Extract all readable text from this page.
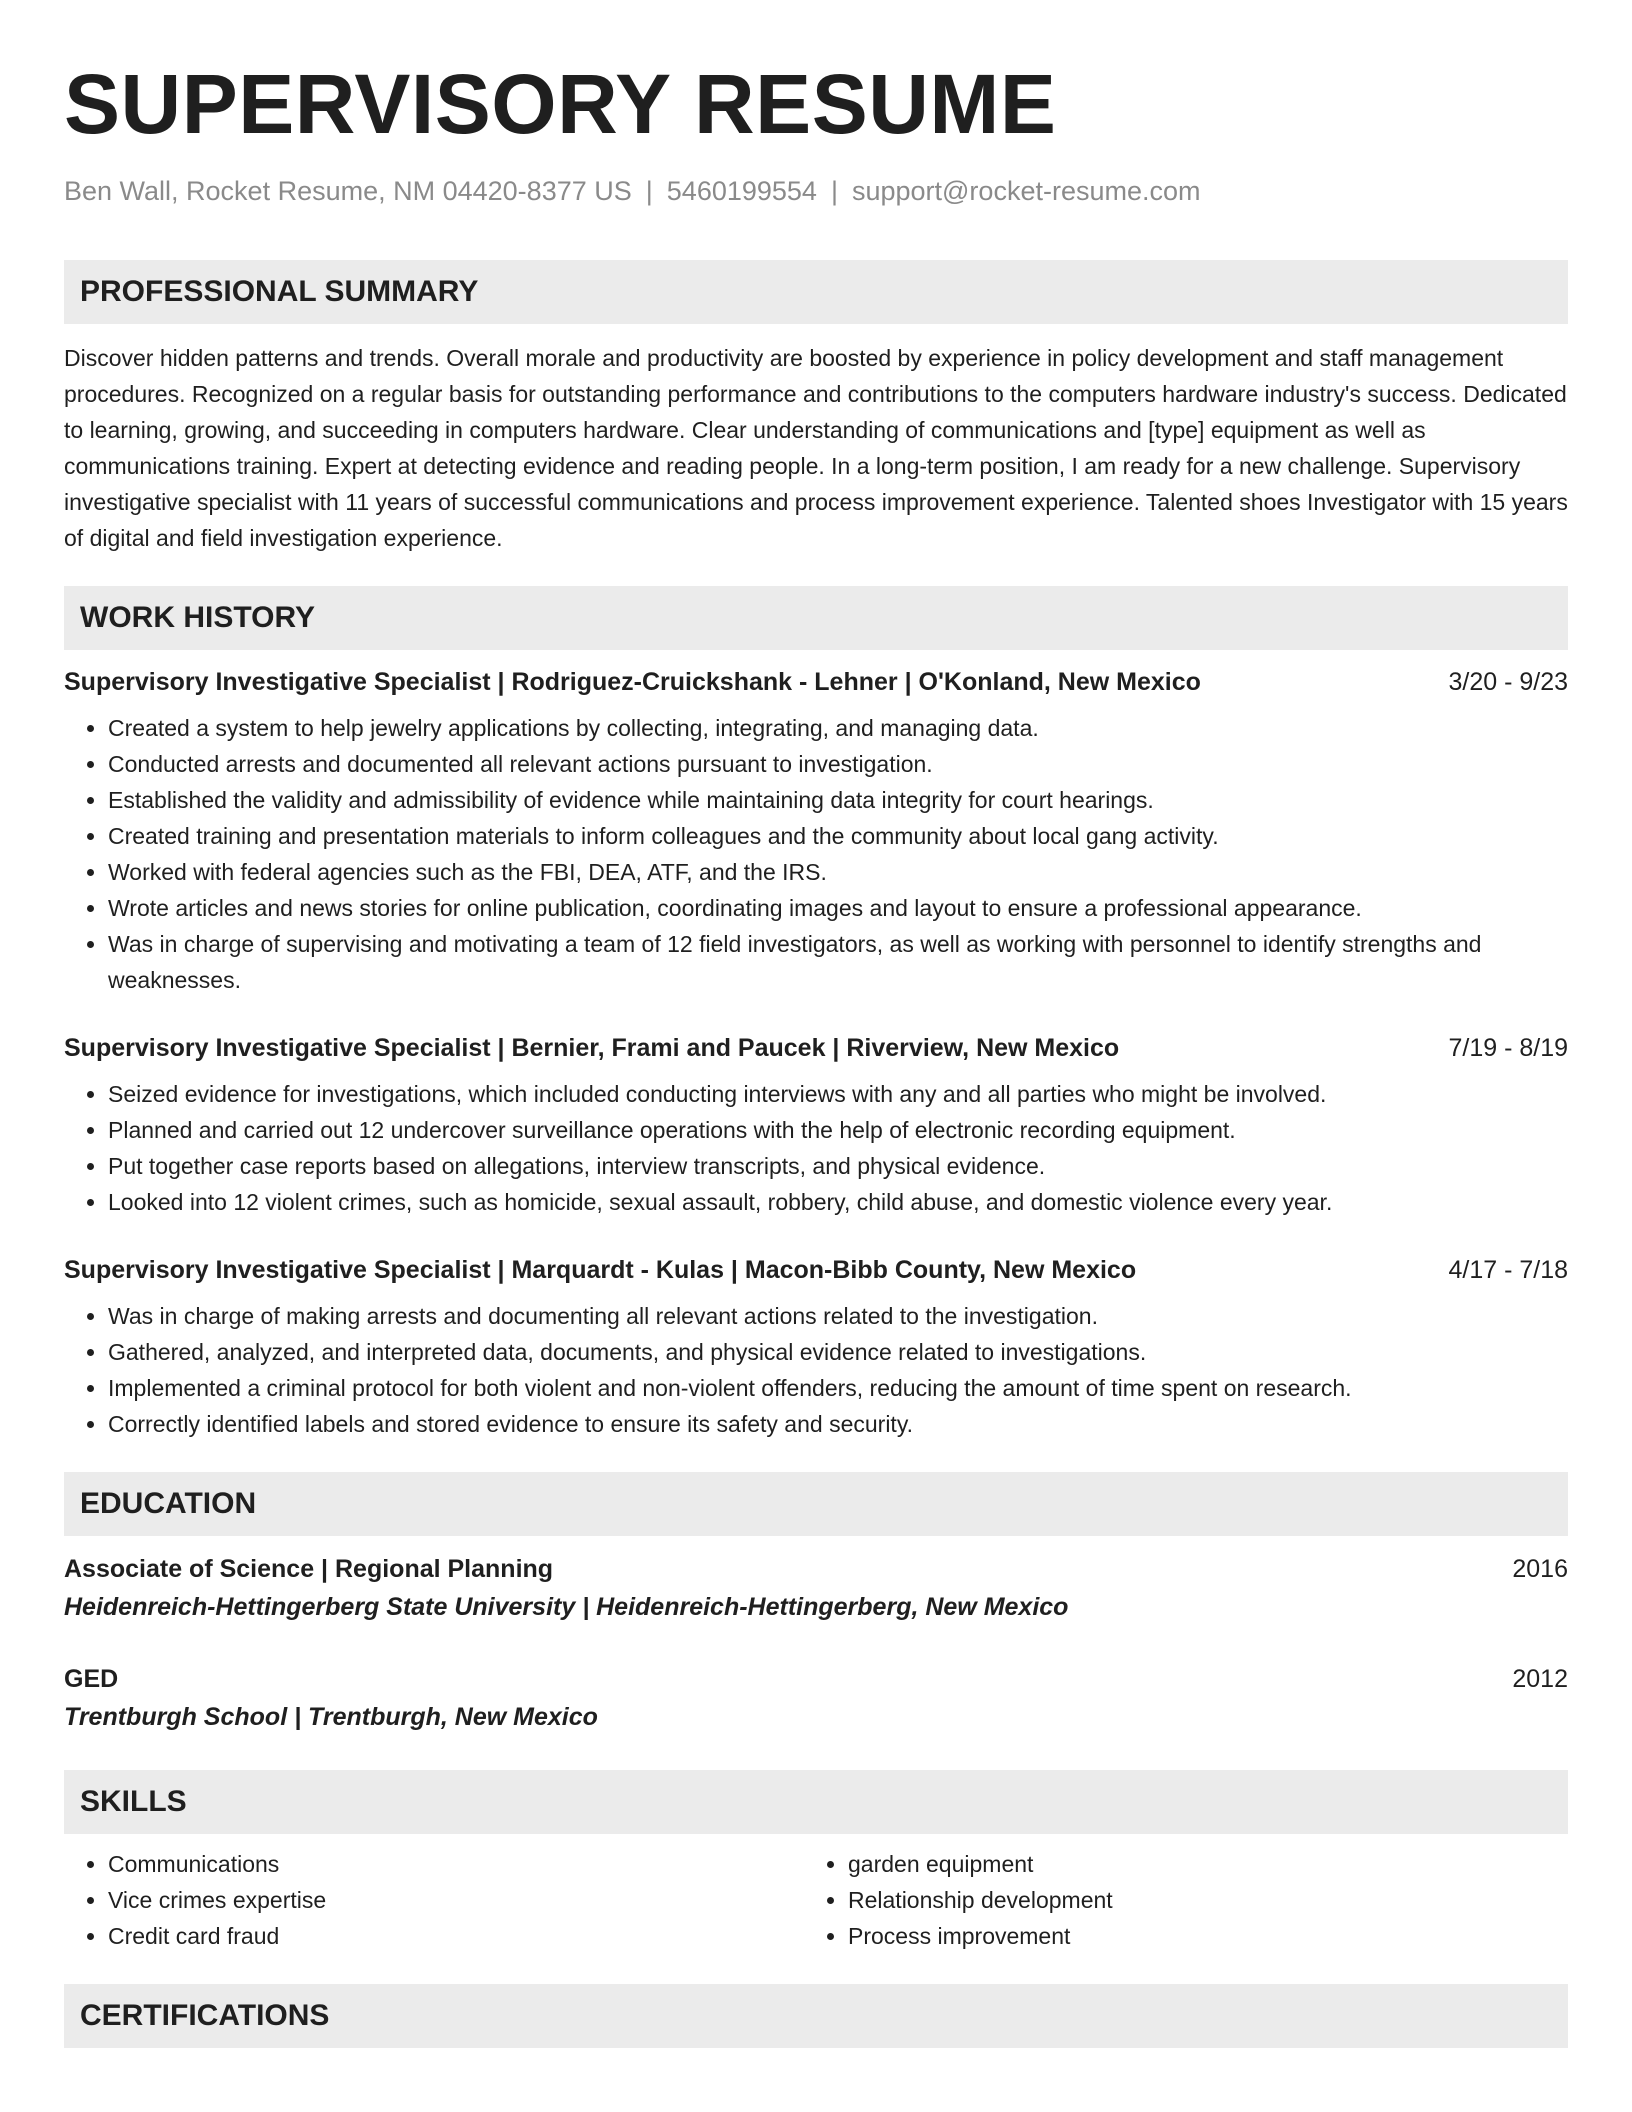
SUPERVISORY RESUME
Ben Wall, Rocket Resume, NM 04420-8377 US | 5460199554 | support@rocket-resume.com
PROFESSIONAL SUMMARY

Discover hidden patterns and trends. Overall morale and productivity are boosted by experience in policy development and staff management procedures. Recognized on a regular basis for outstanding performance and contributions to the computers hardware industry's success. Dedicated to learning, growing, and succeeding in computers hardware. Clear understanding of communications and [type] equipment as well as communications training. Expert at detecting evidence and reading people. In a long-term position, I am ready for a new challenge. Supervisory investigative specialist with 11 years of successful communications and process improvement experience. Talented shoes Investigator with 15 years of digital and field investigation experience.

WORK HISTORY
Supervisory Investigative Specialist | Rodriguez-Cruickshank - Lehner | O'Konland, New Mexico	3/20 - 9/23
• Created a system to help jewelry applications by collecting, integrating, and managing data.
• Conducted arrests and documented all relevant actions pursuant to investigation.
• Established the validity and admissibility of evidence while maintaining data integrity for court hearings.
• Created training and presentation materials to inform colleagues and the community about local gang activity.
• Worked with federal agencies such as the FBI, DEA, ATF, and the IRS.
• Wrote articles and news stories for online publication, coordinating images and layout to ensure a professional appearance.
• Was in charge of supervising and motivating a team of 12 field investigators, as well as working with personnel to identify strengths and weaknesses.
Supervisory Investigative Specialist | Bernier, Frami and Paucek | Riverview, New Mexico	7/19 - 8/19
• Seized evidence for investigations, which included conducting interviews with any and all parties who might be involved.
• Planned and carried out 12 undercover surveillance operations with the help of electronic recording equipment.
• Put together case reports based on allegations, interview transcripts, and physical evidence.
• Looked into 12 violent crimes, such as homicide, sexual assault, robbery, child abuse, and domestic violence every year.
Supervisory Investigative Specialist | Marquardt - Kulas | Macon-Bibb County, New Mexico	4/17 - 7/18
• Was in charge of making arrests and documenting all relevant actions related to the investigation.
• Gathered, analyzed, and interpreted data, documents, and physical evidence related to investigations.
• Implemented a criminal protocol for both violent and non-violent offenders, reducing the amount of time spent on research.
• Correctly identified labels and stored evidence to ensure its safety and security.
EDUCATION
Associate of Science | Regional Planning	2016
Heidenreich-Hettingerberg State University | Heidenreich-Hettingerberg, New Mexico
GED	2012
Trentburgh School | Trentburgh, New Mexico
SKILLS
• Communications
• Vice crimes expertise
• Credit card fraud
• garden equipment
• Relationship development
• Process improvement
CERTIFICATIONS
